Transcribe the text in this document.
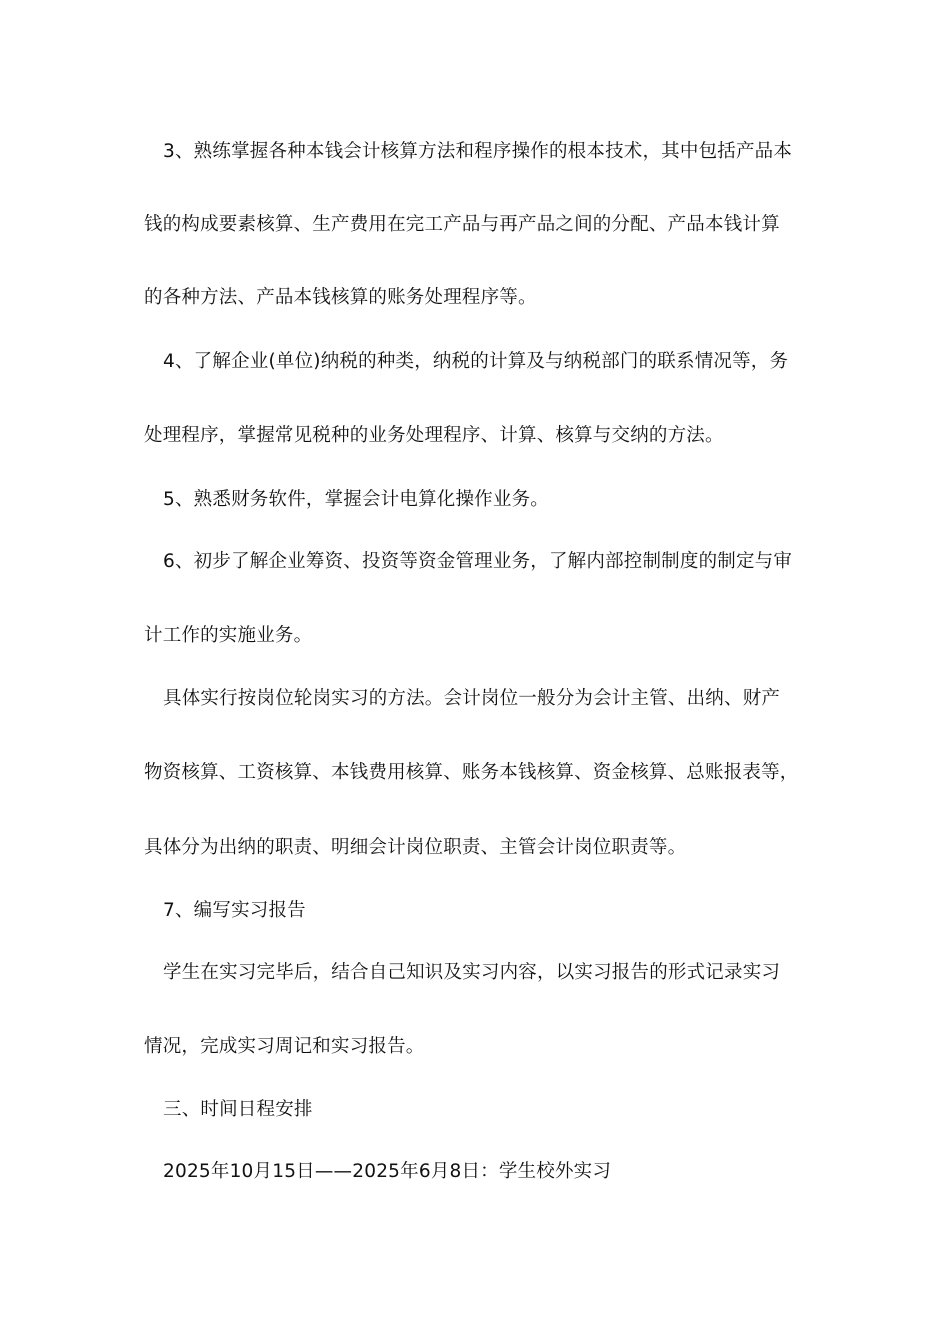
3、熟练掌握各种本钱会计核算方法和程序操作的根本技术，其中包括产品本
钱的构成要素核算、生产费用在完工产品与再产品之间的分配、产品本钱计算
的各种方法、产品本钱核算的账务处理程序等。
4、了解企业(单位)纳税的种类，纳税的计算及与纳税部门的联系情况等，务
处理程序，掌握常见税种的业务处理程序、计算、核算与交纳的方法。
5、熟悉财务软件，掌握会计电算化操作业务。
6、初步了解企业筹资、投资等资金管理业务，了解内部控制制度的制定与审
计工作的实施业务。
具体实行按岗位轮岗实习的方法。会计岗位一般分为会计主管、出纳、财产
物资核算、工资核算、本钱费用核算、账务本钱核算、资金核算、总账报表等，
具体分为出纳的职责、明细会计岗位职责、主管会计岗位职责等。
7、编写实习报告
学生在实习完毕后，结合自己知识及实习内容，以实习报告的形式记录实习
情况，完成实习周记和实习报告。
三、时间日程安排
2025年10月15日——2025年6月8日：学生校外实习
